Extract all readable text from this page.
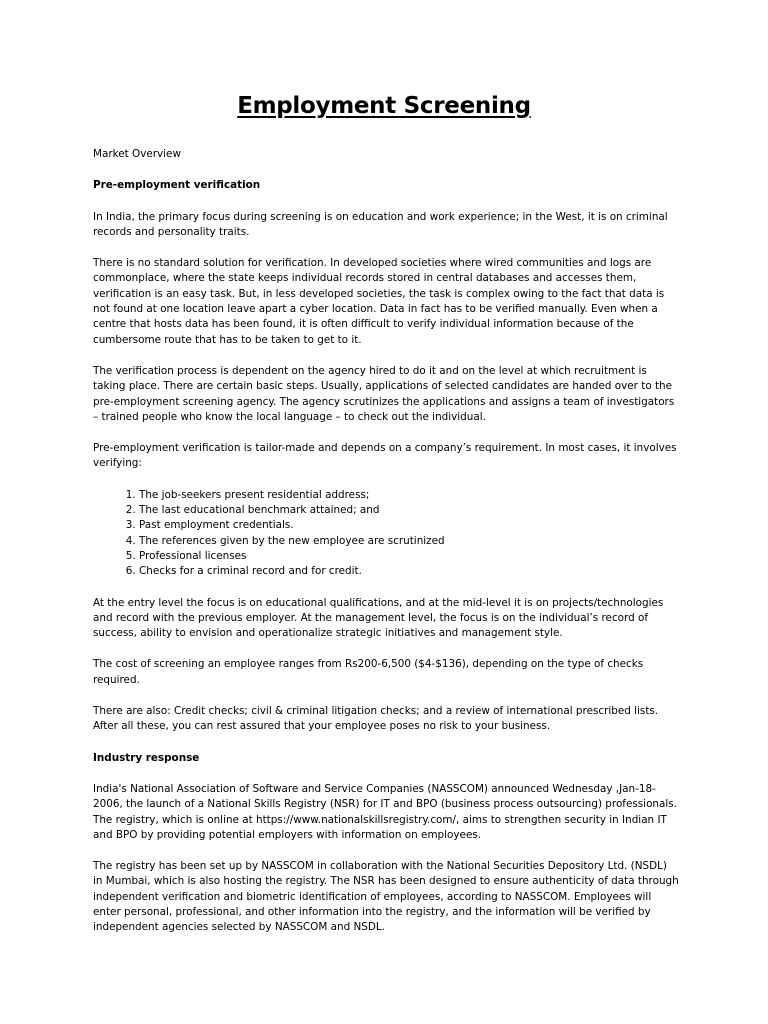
Employment Screening

Market Overview

Pre-employment verification

In India, the primary focus during screening is on education and work experience; in the West, it is on criminal records and personality traits.

There is no standard solution for verification. In developed societies where wired communities and logs are commonplace, where the state keeps individual records stored in central databases and accesses them, verification is an easy task. But, in less developed societies, the task is complex owing to the fact that data is not found at one location leave apart a cyber location. Data in fact has to be verified manually. Even when a centre that hosts data has been found, it is often difficult to verify individual information because of the cumbersome route that has to be taken to get to it.

The verification process is dependent on the agency hired to do it and on the level at which recruitment is taking place. There are certain basic steps. Usually, applications of selected candidates are handed over to the pre-employment screening agency. The agency scrutinizes the applications and assigns a team of investigators – trained people who know the local language – to check out the individual.

Pre-employment verification is tailor-made and depends on a company’s requirement. In most cases, it involves verifying:

1. The job-seekers present residential address;
2. The last educational benchmark attained; and
3. Past employment credentials.
4. The references given by the new employee are scrutinized
5. Professional licenses
6. Checks for a criminal record and for credit.

At the entry level the focus is on educational qualifications, and at the mid-level it is on projects/technologies and record with the previous employer. At the management level, the focus is on the individual’s record of success, ability to envision and operationalize strategic initiatives and management style.

The cost of screening an employee ranges from Rs200-6,500 ($4-$136), depending on the type of checks required.

There are also: Credit checks; civil & criminal litigation checks; and a review of international prescribed lists. After all these, you can rest assured that your employee poses no risk to your business.

Industry response

India's National Association of Software and Service Companies (NASSCOM) announced Wednesday ,Jan-18-2006, the launch of a National Skills Registry (NSR) for IT and BPO (business process outsourcing) professionals. The registry, which is online at https://www.nationalskillsregistry.com/, aims to strengthen security in Indian IT and BPO by providing potential employers with information on employees.

The registry has been set up by NASSCOM in collaboration with the National Securities Depository Ltd. (NSDL) in Mumbai, which is also hosting the registry. The NSR has been designed to ensure authenticity of data through independent verification and biometric identification of employees, according to NASSCOM. Employees will enter personal, professional, and other information into the registry, and the information will be verified by independent agencies selected by NASSCOM and NSDL.
